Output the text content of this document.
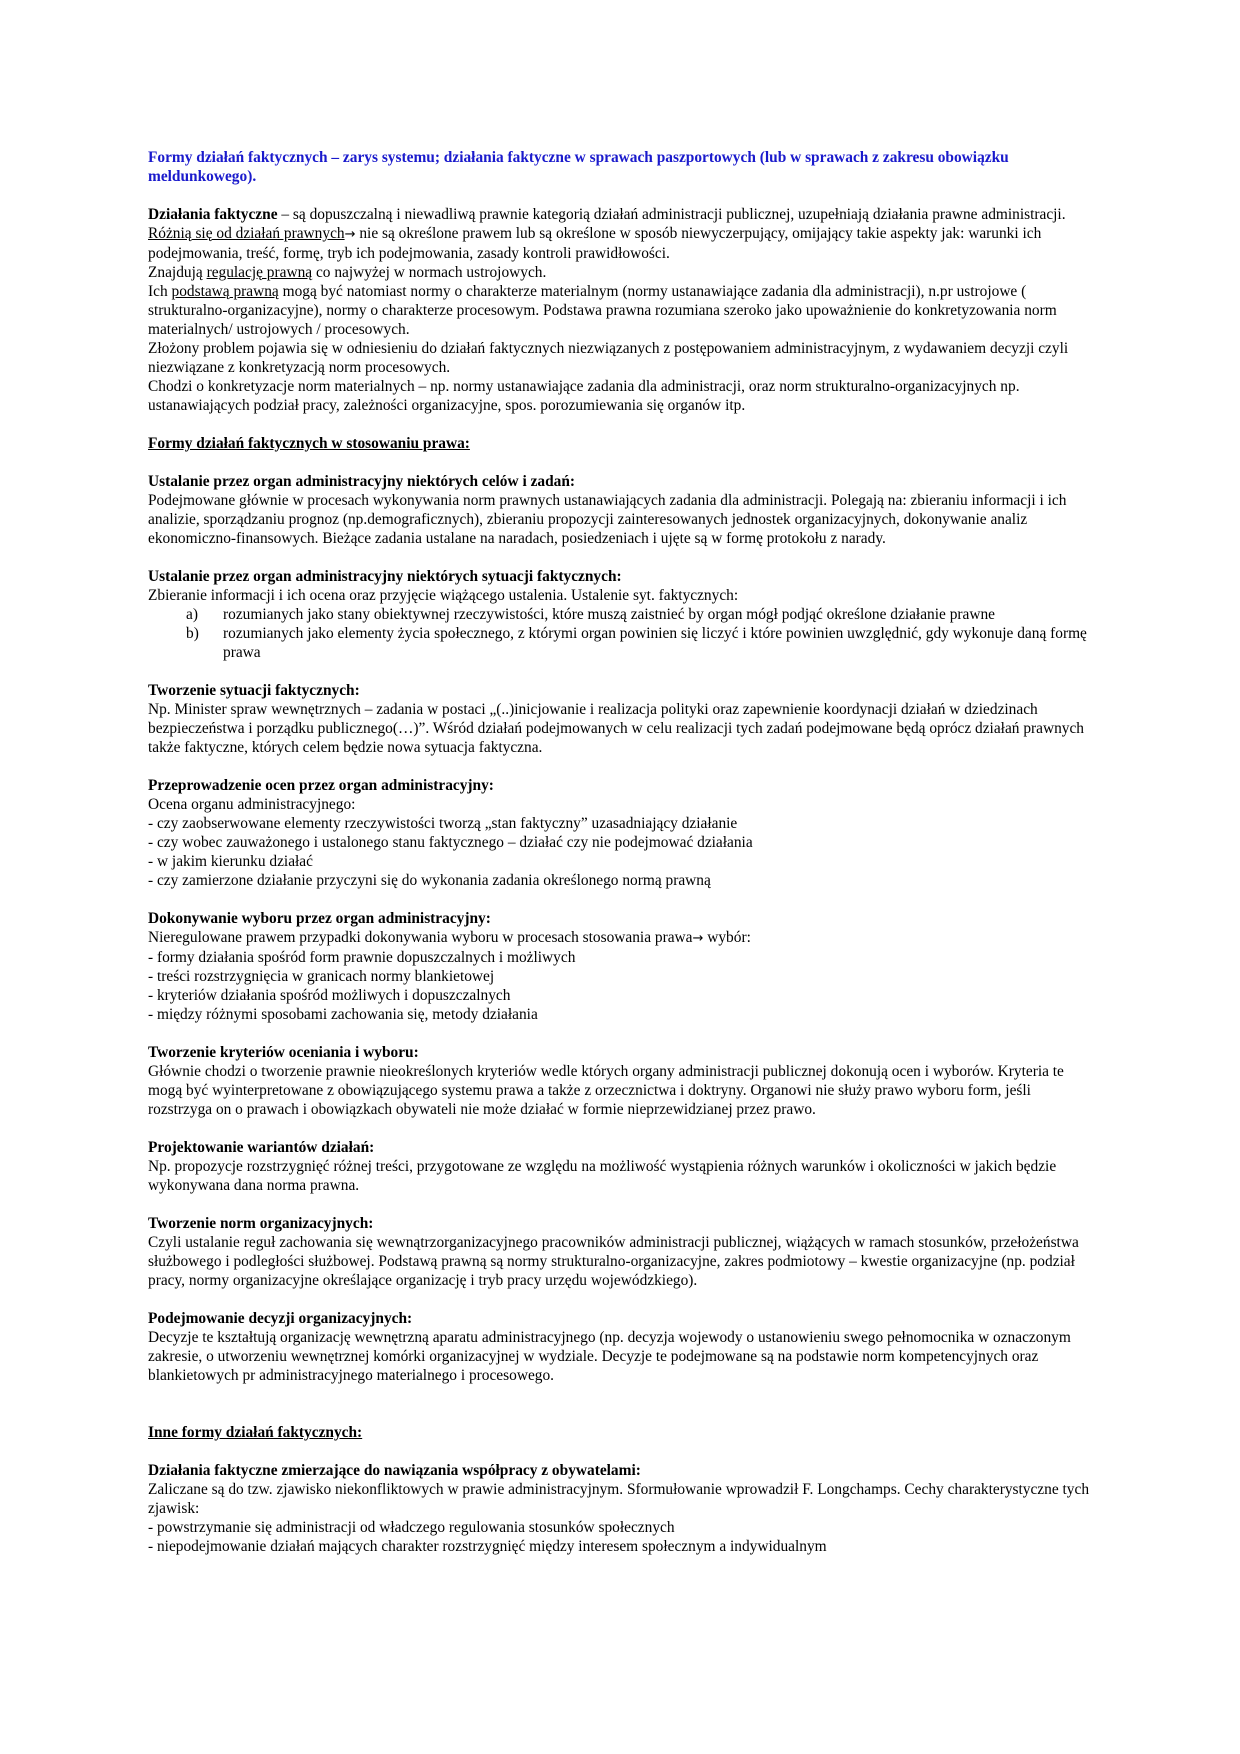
Formy działań faktycznych – zarys systemu; działania faktyczne w sprawach paszportowych (lub w sprawach z zakresu obowiązku meldunkowego).

Działania faktyczne – są dopuszczalną i niewadliwą prawnie kategorią działań administracji publicznej, uzupełniają działania prawne administracji.

Różnią się od działań prawnych→ nie są określone prawem lub są określone w sposób niewyczerpujący, omijający takie aspekty jak: warunki ich podejmowania, treść, formę, tryb ich podejmowania, zasady kontroli prawidłowości.

Znajdują regulację prawną co najwyżej w normach ustrojowych.

Ich podstawą prawną mogą być natomiast normy o charakterze materialnym (normy ustanawiające zadania dla administracji), n.pr ustrojowe ( strukturalno-organizacyjne), normy o charakterze procesowym. Podstawa prawna rozumiana szeroko jako upoważnienie do konkretyzowania norm materialnych/ ustrojowych / procesowych.

Złożony problem pojawia się w odniesieniu do działań faktycznych niezwiązanych z postępowaniem administracyjnym, z wydawaniem decyzji czyli niezwiązane z konkretyzacją norm procesowych.

Chodzi o konkretyzacje norm materialnych – np. normy ustanawiające zadania dla administracji, oraz norm strukturalno-organizacyjnych np. ustanawiających podział pracy, zależności organizacyjne, spos. porozumiewania się organów itp.

Formy działań faktycznych w stosowaniu prawa:

Ustalanie przez organ administracyjny niektórych celów i zadań:

Podejmowane głównie w procesach wykonywania norm prawnych ustanawiających zadania dla administracji. Polegają na: zbieraniu informacji i ich analizie, sporządzaniu prognoz (np.demograficznych), zbieraniu propozycji zainteresowanych jednostek organizacyjnych, dokonywanie analiz ekonomiczno-finansowych. Bieżące zadania ustalane na naradach, posiedzeniach i ujęte są w formę protokołu z narady.

Ustalanie przez organ administracyjny niektórych sytuacji faktycznych:

Zbieranie informacji i ich ocena oraz przyjęcie wiążącego ustalenia. Ustalenie syt. faktycznych:

a) rozumianych jako stany obiektywnej rzeczywistości, które muszą zaistnieć by organ mógł podjąć określone działanie prawne
b) rozumianych jako elementy życia społecznego, z którymi organ powinien się liczyć i które powinien uwzględnić, gdy wykonuje daną formę prawa

Tworzenie sytuacji faktycznych:

Np. Minister spraw wewnętrznych – zadania w postaci „(..)inicjowanie i realizacja polityki oraz zapewnienie koordynacji działań w dziedzinach bezpieczeństwa i porządku publicznego(…)”. Wśród działań podejmowanych w celu realizacji tych zadań podejmowane będą oprócz działań prawnych także faktyczne, których celem będzie nowa sytuacja faktyczna.

Przeprowadzenie ocen przez organ administracyjny:

Ocena organu administracyjnego:

- czy zaobserwowane elementy rzeczywistości tworzą „stan faktyczny” uzasadniający działanie

- czy wobec zauważonego i ustalonego stanu faktycznego – działać czy nie podejmować działania

- w jakim kierunku działać

- czy zamierzone działanie przyczyni się do wykonania zadania określonego normą prawną

Dokonywanie wyboru przez organ administracyjny:

Nieregulowane prawem przypadki dokonywania wyboru w procesach stosowania prawa→ wybór:

- formy działania spośród form prawnie dopuszczalnych i możliwych

- treści rozstrzygnięcia w granicach normy blankietowej

- kryteriów działania spośród możliwych i dopuszczalnych

- między różnymi sposobami zachowania się, metody działania

Tworzenie kryteriów oceniania i wyboru:

Głównie chodzi o tworzenie prawnie nieokreślonych kryteriów wedle których organy administracji publicznej dokonują ocen i wyborów. Kryteria te mogą być wyinterpretowane z obowiązującego systemu prawa a także z orzecznictwa i doktryny. Organowi nie służy prawo wyboru form, jeśli rozstrzyga on o prawach i obowiązkach obywateli nie może działać w formie nieprzewidzianej przez prawo.

Projektowanie wariantów działań:

Np. propozycje rozstrzygnięć różnej treści, przygotowane ze względu na możliwość wystąpienia różnych warunków i okoliczności w jakich będzie wykonywana dana norma prawna.

Tworzenie norm organizacyjnych:

Czyli ustalanie reguł zachowania się wewnątrzorganizacyjnego pracowników administracji publicznej, wiążących w ramach stosunków, przełożeństwa służbowego i podległości służbowej. Podstawą prawną są normy strukturalno-organizacyjne, zakres podmiotowy – kwestie organizacyjne (np. podział pracy, normy organizacyjne określające organizację i tryb pracy urzędu wojewódzkiego).

Podejmowanie decyzji organizacyjnych:

Decyzje te kształtują organizację wewnętrzną aparatu administracyjnego (np. decyzja wojewody o ustanowieniu swego pełnomocnika w oznaczonym zakresie, o utworzeniu wewnętrznej komórki organizacyjnej w wydziale. Decyzje te podejmowane są na podstawie norm kompetencyjnych oraz blankietowych pr administracyjnego materialnego i procesowego.

Inne formy działań faktycznych:

Działania faktyczne zmierzające do nawiązania współpracy z obywatelami:

Zaliczane są do tzw. zjawisko niekonfliktowych w prawie administracyjnym. Sformułowanie wprowadził F. Longchamps. Cechy charakterystyczne tych zjawisk:

- powstrzymanie się administracji od władczego regulowania stosunków społecznych

- niepodejmowanie działań mających charakter rozstrzygnięć między interesem społecznym a indywidualnym
